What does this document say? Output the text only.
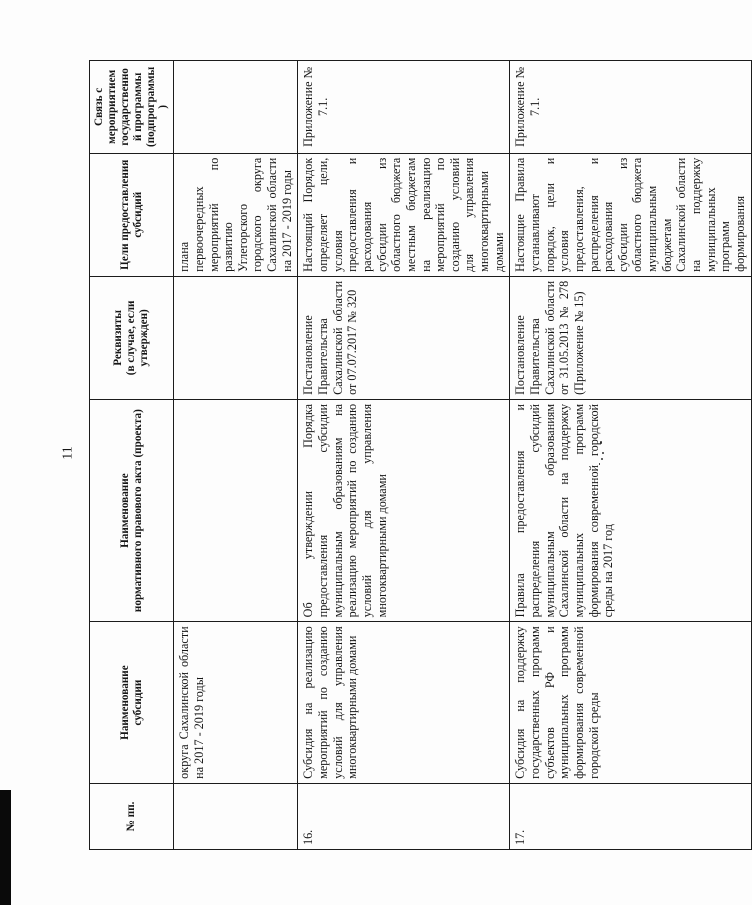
11
№ пп.	Наименование субсидии	Наименование нормативного правового акта (проекта)	Реквизиты (в случае, если утвержден)	Цели предоставления субсидий	Связь с мероприятием государственной программы (подпрограммы)

	округа Сахалинской области на 2017 - 2019 годы			плана первоочередных мероприятий по развитию Углегорского городского округа Сахалинской области на 2017 - 2019 годы	
16.	Субсидия на реализацию мероприятий по созданию условий для управления многоквартирными домами	Об утверждении Порядка предоставления субсидии муниципальным образованиям на реализацию мероприятий по созданию условий для управления многоквартирными домами	Постановление Правительства Сахалинской области от 07.07.2017 № 320	Настоящий Порядок определяет цели, условия предоставления и расходования субсидии из областного бюджета местным бюджетам на реализацию мероприятий по созданию условий для управления многоквартирными домами	Приложение № 7.1.
17.	Субсидия на поддержку государственных программ субъектов РФ и муниципальных программ формирования современной городской среды	Правила предоставления и распределения субсидий муниципальным образованиям Сахалинской области на поддержку муниципальных программ формирования современной городской среды на 2017 год	Постановление Правительства Сахалинской области от 31.05.2013 № 278 (Приложение № 15)	Настоящие Правила устанавливают порядок, цели и условия предоставления, распределения и расходования субсидии из областного бюджета муниципальным бюджетам Сахалинской области на поддержку муниципальных программ формирования	Приложение № 7.1.
